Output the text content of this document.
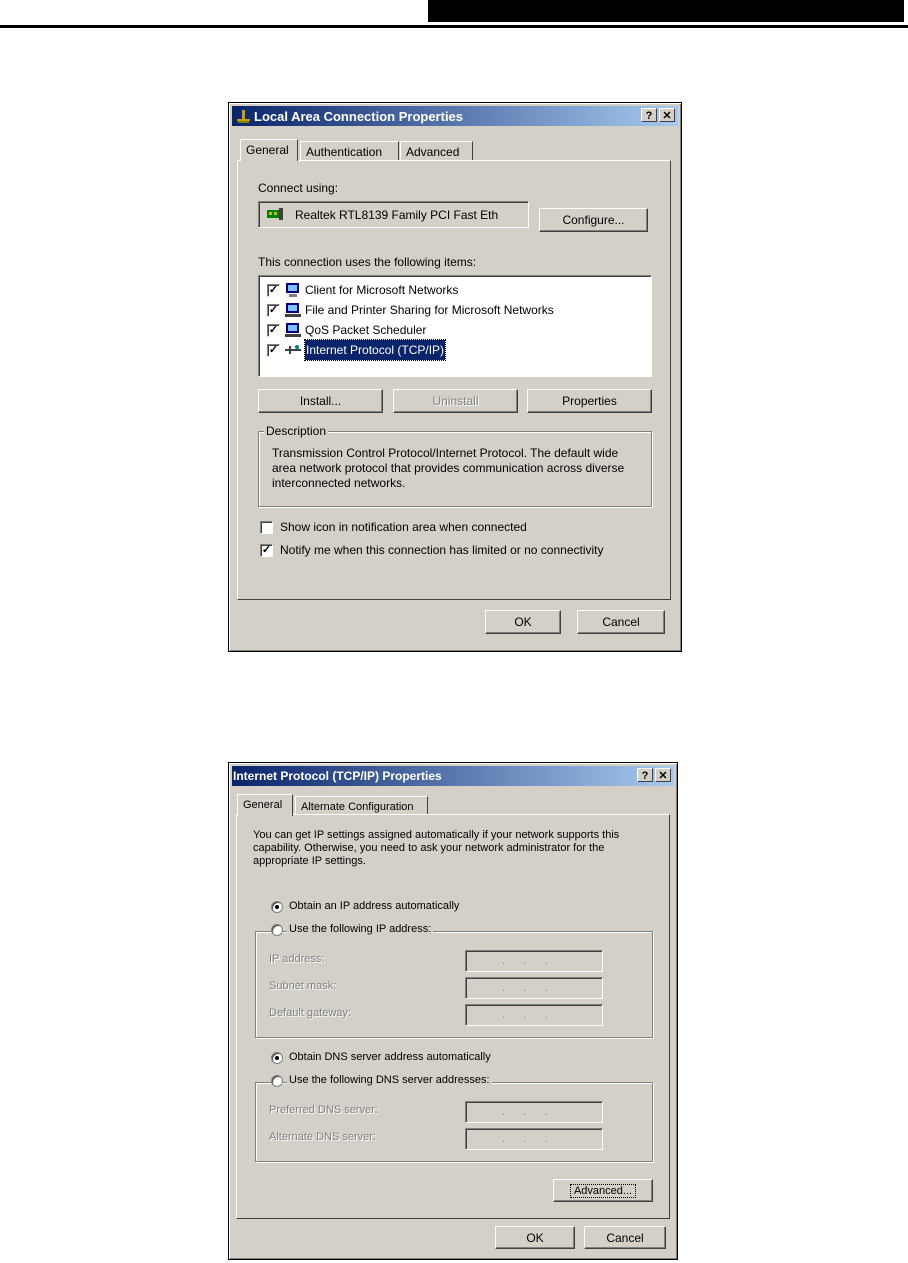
Local Area Connection Properties	? ✕
General	Authentication	Advanced
Connect using:
Realtek RTL8139 Family PCI Fast Eth	Configure...
This connection uses the following items:
✓ Client for Microsoft Networks
✓ File and Printer Sharing for Microsoft Networks
✓ QoS Packet Scheduler
✓ Internet Protocol (TCP/IP)
Install...	Uninstall	Properties
Description
Transmission Control Protocol/Internet Protocol. The default wide area network protocol that provides communication across diverse interconnected networks.
Show icon in notification area when connected
✓ Notify me when this connection has limited or no connectivity
OK	Cancel
Internet Protocol (TCP/IP) Properties	? ✕
General	Alternate Configuration
You can get IP settings assigned automatically if your network supports this capability. Otherwise, you need to ask your network administrator for the appropriate IP settings.
Obtain an IP address automatically
Use the following IP address:
IP address:	.      .      .
Subnet mask:	.      .      .
Default gateway:	.      .      .
Obtain DNS server address automatically
Use the following DNS server addresses:
Preferred DNS server:	.      .      .
Alternate DNS server:	.      .      .
Advanced...
OK	Cancel
